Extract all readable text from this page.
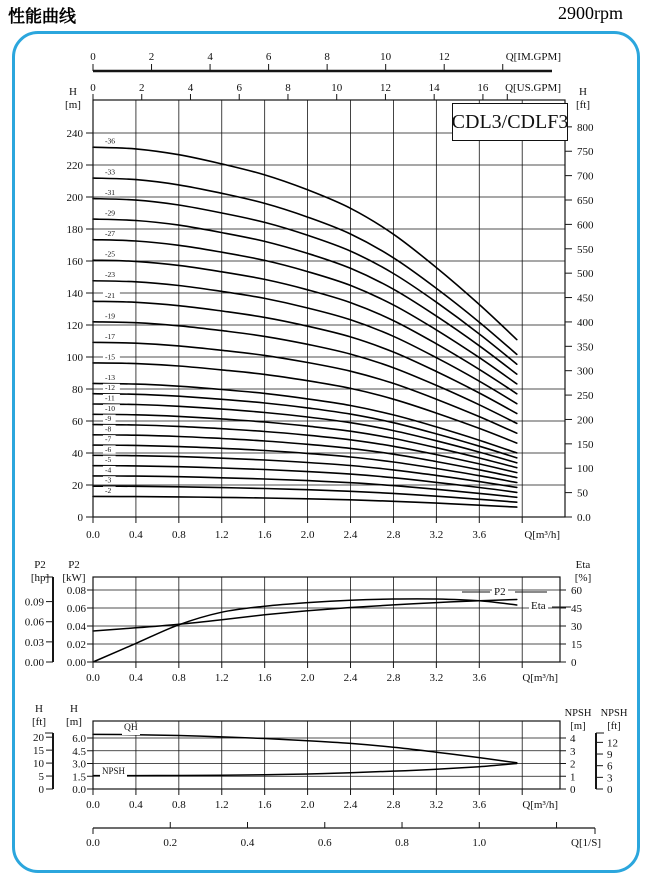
性能曲线	2900rpm
-36
-33
-31
-29
-27
-25
-23
-21
-19
-17
-15
-13
-12
-11
-10
-9
-8
-7
-6
-5
-4
-3
-2
0
20
40
60
80
100
120
140
160
180
200
220
240
H
[m]
0.0
50
100
150
200
250
300
350
400
450
500
550
600
650
700
750
800
H
[ft]
0.0	0.4	0.8	1.2	1.6	2.0	2.4	2.8	3.2	3.6	Q[m³/h]
0	2	4	6	8	10	12	14	16 Q[US.GPM]
0	2	4	6	8	10	12	Q[IM.GPM]
0.00
0.02
0.04
0.06
0.08
P2
[kW]
0.00
0.03
0.06
0.09
P2
[hp]
0
15
30
45
60
Eta
[%]
0.0	0.4	0.8	1.2	1.6	2.0	2.4	2.8	3.2	3.6	Q[m³/h]
0.0
1.5
3.0
4.5
6.0
H
[m]
0
5
10
15
20
H
[ft]
0
1
2
3
4
NPSH
[m]
0
3
6
9
12
NPSH
[ft]
0.0	0.4	0.8	1.2	1.6	2.0	2.4	2.8	3.2	3.6	Q[m³/h]
0.0	0.2	0.4	0.6	0.8	1.0	Q[1/S]
CDL3/CDLF3
P2
Eta
QH
NPSH
